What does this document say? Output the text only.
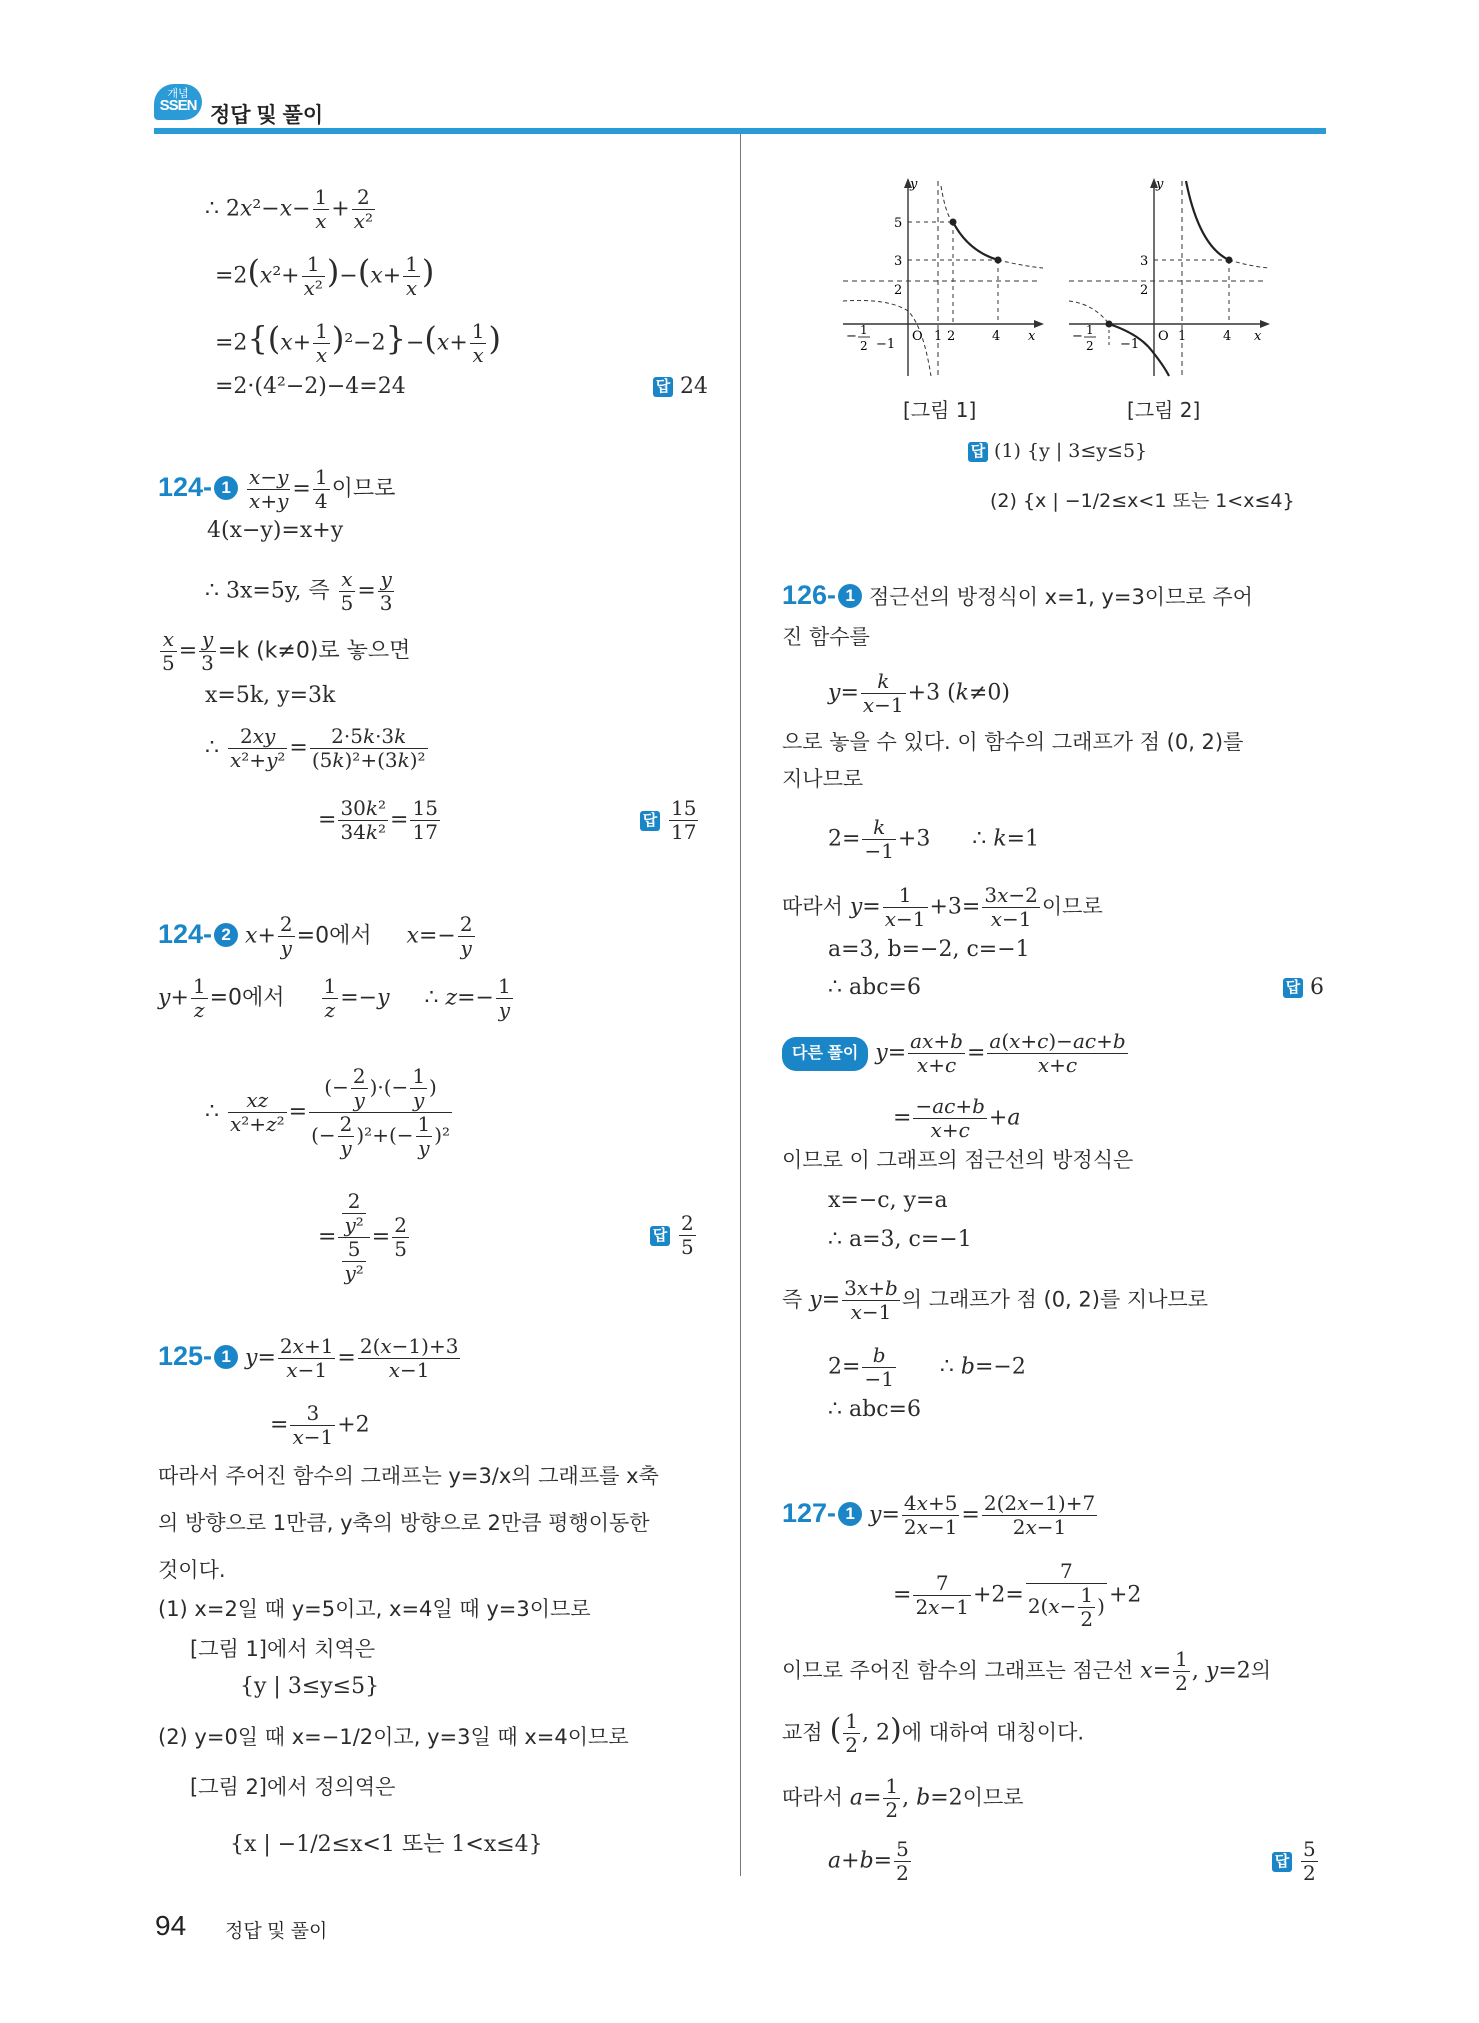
개념
SSEN 정답 및 풀이
∴ $2x^2-x- \frac{1}{x} + \frac{2}{\text{x²}}$
$=2(x^2+ \frac{1}{\text{x²}} )-(x+ \frac{1}{x}$ )
$=2\{(x+ \frac{1}{x} )^2-2\}-(x+ \frac{1}{x}$ )
=2·(4²−2)−4=24	답 24
124- $1 \frac{x-y}{x+y} = \frac{1}{4}$ 이므로
4(x−y)=x+y
∴ 3x=5y, 즉 $\frac{x}{5} = \frac{y}{3}$
$\frac{x}{5} = \frac{y}{3} =k$ (k≠0)로 놓으면
x=5k, y=3k
∴ $\frac{2xy}{\text{x²+y²}} = \frac{2\cdot 5k\cdot 3k}{\text{(5k)²+(3k)²}}$
= $\frac{\text{30k²}}{\text{34k²}} = \frac{15}{17}$	답 $\frac{15}{17}$
124- 2 $x+ \frac{2}{y} =0$에서 $x=- \frac{2}{y}$
$y+ \frac{1}{z} =0$에서 $\frac{1}{z} =-y$     ∴ $z=- \frac{1}{y}$
∴ $\frac{xz}{\text{x²+z²}} = \frac{(- \frac{2}{y} )\cdot(- \frac{1}{y} )}{(- \frac{2}{y} )^2+(- \frac{1}{y} )^2}$
= $\frac{\frac{2}{\text{y²}}}{\frac{5}{\text{y²}}} = \frac{2}{5}$	답 $\frac{2}{5}$
125- 1 $y= \frac{2x+1}{x-1} = \frac{2(x-1)+3}{x-1}$
= $\frac{3}{x-1} +2$
따라서 주어진 함수의 그래프는 y=3/x의 그래프를 x축
의 방향으로 1만큼, y축의 방향으로 2만큼 평행이동한
것이다.
(1) x=2일 때 y=5이고, x=4일 때 y=3이므로
[그림 1]에서 치역은
{y | 3≤y≤5}
(2) y=0일 때 x=−1/2이고, y=3일 때 x=4이므로
[그림 2]에서 정의역은
{x | −1/2≤x<1 또는 1<x≤4}
y
5
3
2
O 1 2	4 x
− 1
2 −1
y
3
2
O 1	4 x
− 1
2 −1
[그림 1]	[그림 2]
답 (1) {y | 3≤y≤5}
(2) {x | −1/2≤x<1 또는 1<x≤4}
126- 1 점근선의 방정식이 x=1, y=3이므로 주어
진 함수를
$y= \frac{k}{x-1} +3$ (k≠0)
으로 놓을 수 있다. 이 함수의 그래프가 점 (0, 2)를
지나므로
$2= \frac{k}{-1} +3$      ∴ k=1
따라서 $y= \frac{1}{x-1} +3= \frac{3x-2}{x-1}$ 이므로
a=3, b=−2, c=−1
∴ abc=6	답 6
다른 풀이 $y= \frac{ax+b}{x+c} = \frac{a(x+c)-ac+b}{x+c}$
= $\frac{-ac+b}{x+c} +a$
이므로 이 그래프의 점근선의 방정식은
x=−c, y=a
∴ a=3, c=−1
즉 $y= \frac{3x+b}{x-1}$ 의 그래프가 점 (0, 2)를 지나므로
$2= \frac{b}{-1}$ ∴ b=−2
∴ abc=6
127- 1 $y= \frac{4x+5}{2x-1} = \frac{2(2x-1)+7}{2x-1}$
= $\frac{7}{2x-1} +2= \frac{7}{2(x- \frac{1}{2} )} +2$
이므로 주어진 함수의 그래프는 점근선 $x= \frac{1}{2}$ , y=2의
교점 ( $\frac{1}{2}$ , 2)에 대하여 대칭이다.
따라서 $a= \frac{1}{2}$ , b=2이므로
$a+b= \frac{5}{2}$	답 $\frac{5}{2}$
94 정답 및 풀이
